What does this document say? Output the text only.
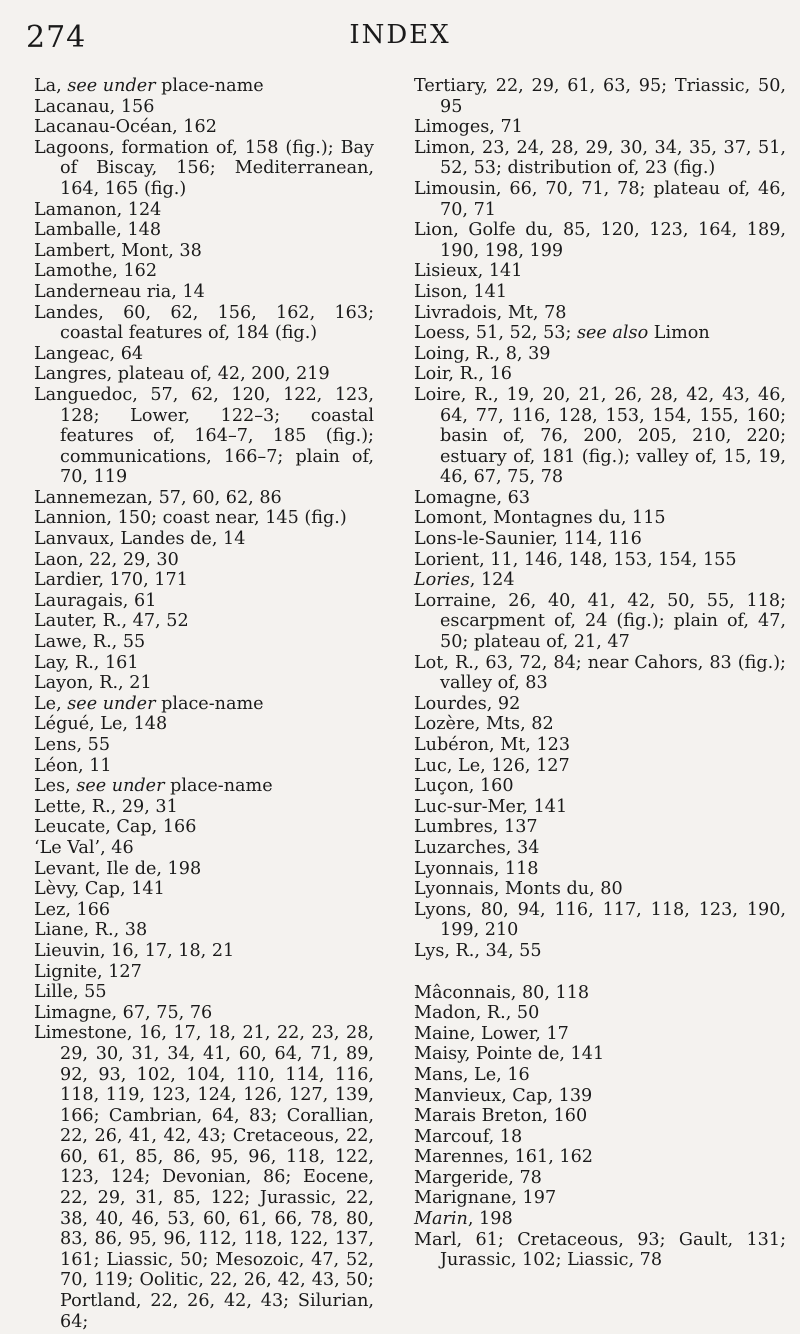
274	INDEX
La, see under place-name
Lacanau, 156
Lacanau-Océan, 162
Lagoons, formation of, 158 (fig.); Bay of Biscay, 156; Mediterranean, 164, 165 (fig.)
Lamanon, 124
Lamballe, 148
Lambert, Mont, 38
Lamothe, 162
Landerneau ria, 14
Landes, 60, 62, 156, 162, 163; coastal features of, 184 (fig.)
Langeac, 64
Langres, plateau of, 42, 200, 219
Languedoc, 57, 62, 120, 122, 123, 128; Lower, 122–3; coastal features of, 164–7, 185 (fig.); communications, 166–7; plain of, 70, 119
Lannemezan, 57, 60, 62, 86
Lannion, 150; coast near, 145 (fig.)
Lanvaux, Landes de, 14
Laon, 22, 29, 30
Lardier, 170, 171
Lauragais, 61
Lauter, R., 47, 52
Lawe, R., 55
Lay, R., 161
Layon, R., 21
Le, see under place-name
Légué, Le, 148
Lens, 55
Léon, 11
Les, see under place-name
Lette, R., 29, 31
Leucate, Cap, 166
‘Le Val’, 46
Levant, Ile de, 198
Lèvy, Cap, 141
Lez, 166
Liane, R., 38
Lieuvin, 16, 17, 18, 21
Lignite, 127
Lille, 55
Limagne, 67, 75, 76
Limestone, 16, 17, 18, 21, 22, 23, 28, 29, 30, 31, 34, 41, 60, 64, 71, 89, 92, 93, 102, 104, 110, 114, 116, 118, 119, 123, 124, 126, 127, 139, 166; Cambrian, 64, 83; Corallian, 22, 26, 41, 42, 43; Cretaceous, 22, 60, 61, 85, 86, 95, 96, 118, 122, 123, 124; Devonian, 86; Eocene, 22, 29, 31, 85, 122; Jurassic, 22, 38, 40, 46, 53, 60, 61, 66, 78, 80, 83, 86, 95, 96, 112, 118, 122, 137, 161; Liassic, 50; Mesozoic, 47, 52, 70, 119; Oolitic, 22, 26, 42, 43, 50; Portland, 22, 26, 42, 43; Silurian, 64;
Tertiary, 22, 29, 61, 63, 95; Triassic, 50, 95
Limoges, 71
Limon, 23, 24, 28, 29, 30, 34, 35, 37, 51, 52, 53; distribution of, 23 (fig.)
Limousin, 66, 70, 71, 78; plateau of, 46, 70, 71
Lion, Golfe du, 85, 120, 123, 164, 189, 190, 198, 199
Lisieux, 141
Lison, 141
Livradois, Mt, 78
Loess, 51, 52, 53; see also Limon
Loing, R., 8, 39
Loir, R., 16
Loire, R., 19, 20, 21, 26, 28, 42, 43, 46, 64, 77, 116, 128, 153, 154, 155, 160; basin of, 76, 200, 205, 210, 220; estuary of, 181 (fig.); valley of, 15, 19, 46, 67, 75, 78
Lomagne, 63
Lomont, Montagnes du, 115
Lons-le-Saunier, 114, 116
Lorient, 11, 146, 148, 153, 154, 155
Lories, 124
Lorraine, 26, 40, 41, 42, 50, 55, 118; escarpment of, 24 (fig.); plain of, 47, 50; plateau of, 21, 47
Lot, R., 63, 72, 84; near Cahors, 83 (fig.); valley of, 83
Lourdes, 92
Lozère, Mts, 82
Lubéron, Mt, 123
Luc, Le, 126, 127
Luçon, 160
Luc-sur-Mer, 141
Lumbres, 137
Luzarches, 34
Lyonnais, 118
Lyonnais, Monts du, 80
Lyons, 80, 94, 116, 117, 118, 123, 190, 199, 210
Lys, R., 34, 55
Mâconnais, 80, 118
Madon, R., 50
Maine, Lower, 17
Maisy, Pointe de, 141
Mans, Le, 16
Manvieux, Cap, 139
Marais Breton, 160
Marcouf, 18
Marennes, 161, 162
Margeride, 78
Marignane, 197
Marin, 198
Marl, 61; Cretaceous, 93; Gault, 131; Jurassic, 102; Liassic, 78
